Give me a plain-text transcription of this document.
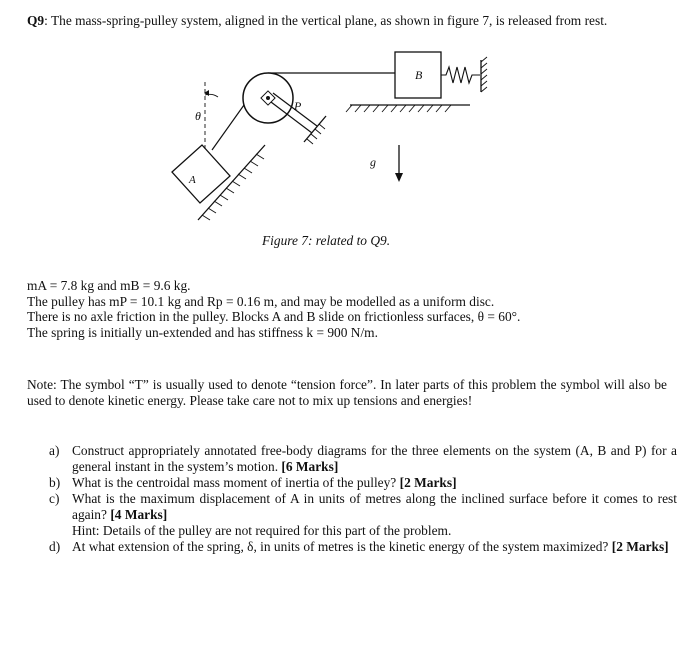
Q9: The mass-spring-pulley system, aligned in the vertical plane, as shown in figure 7, is released from rest.
B
P
A
θ
g
Figure 7: related to Q9.
mA = 7.8 kg and mB = 9.6 kg.
The pulley has mP = 10.1 kg and Rp = 0.16 m, and may be modelled as a uniform disc.
There is no axle friction in the pulley. Blocks A and B slide on frictionless surfaces, θ = 60°.
The spring is initially un-extended and has stiffness k = 900 N/m.
Note: The symbol “T” is usually used to denote “tension force”. In later parts of this problem the symbol will also be used to denote kinetic energy. Please take care not to mix up tensions and energies!
a) Construct appropriately annotated free-body diagrams for the three elements on the system (A, B and P) for a general instant in the system’s motion. [6 Marks]
b) What is the centroidal mass moment of inertia of the pulley? [2 Marks]
c) What is the maximum displacement of A in units of metres along the inclined surface before it comes to rest again? [4 Marks]
Hint: Details of the pulley are not required for this part of the problem.
d) At what extension of the spring, δ, in units of metres is the kinetic energy of the system maximized? [2 Marks]
